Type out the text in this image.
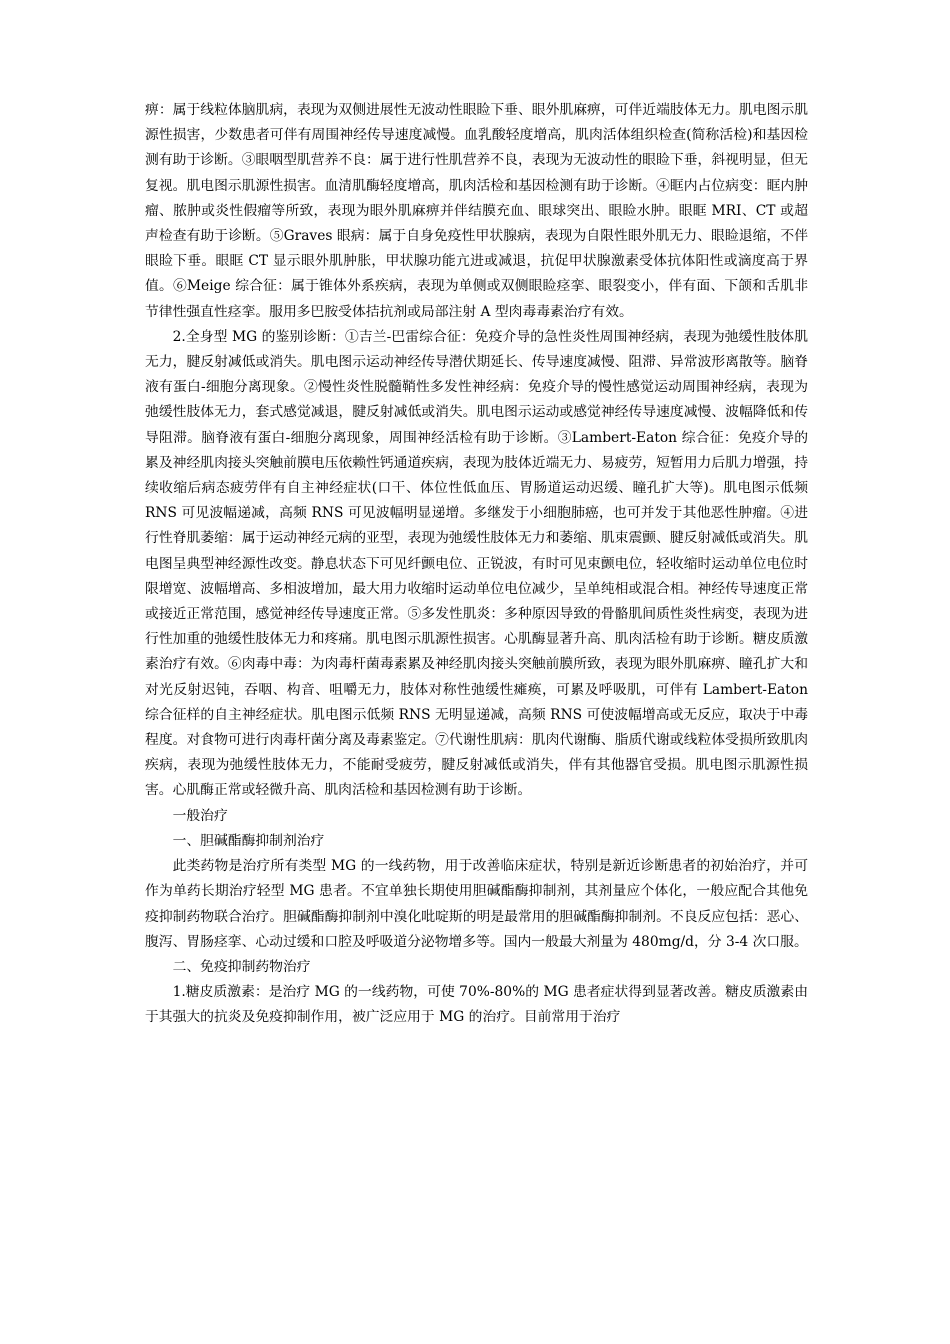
痹：属于线粒体脑肌病，表现为双侧进展性无波动性眼睑下垂、眼外肌麻痹，可伴近端肢体无力。肌电图示肌源性损害，少数患者可伴有周围神经传导速度减慢。血乳酸轻度增高，肌肉活体组织检查(简称活检)和基因检测有助于诊断。③眼咽型肌营养不良：属于进行性肌营养不良，表现为无波动性的眼睑下垂，斜视明显，但无复视。肌电图示肌源性损害。血清肌酶轻度增高，肌肉活检和基因检测有助于诊断。④眶内占位病变：眶内肿瘤、脓肿或炎性假瘤等所致，表现为眼外肌麻痹并伴结膜充血、眼球突出、眼睑水肿。眼眶 MRI、CT 或超声检查有助于诊断。⑤Graves 眼病：属于自身免疫性甲状腺病，表现为自限性眼外肌无力、眼睑退缩，不伴眼睑下垂。眼眶 CT 显示眼外肌肿胀，甲状腺功能亢进或减退，抗促甲状腺激素受体抗体阳性或滴度高于界值。⑥Meige 综合征：属于锥体外系疾病，表现为单侧或双侧眼睑痉挛、眼裂变小，伴有面、下颌和舌肌非节律性强直性痉挛。服用多巴胺受体拮抗剂或局部注射 A 型肉毒毒素治疗有效。

2.全身型 MG 的鉴别诊断：①吉兰-巴雷综合征：免疫介导的急性炎性周围神经病，表现为弛缓性肢体肌无力，腱反射减低或消失。肌电图示运动神经传导潜伏期延长、传导速度减慢、阻滞、异常波形离散等。脑脊液有蛋白-细胞分离现象。②慢性炎性脱髓鞘性多发性神经病：免疫介导的慢性感觉运动周围神经病，表现为弛缓性肢体无力，套式感觉减退，腱反射减低或消失。肌电图示运动或感觉神经传导速度减慢、波幅降低和传导阻滞。脑脊液有蛋白-细胞分离现象，周围神经活检有助于诊断。③Lambert-Eaton 综合征：免疫介导的累及神经肌肉接头突触前膜电压依赖性钙通道疾病，表现为肢体近端无力、易疲劳，短暂用力后肌力增强，持续收缩后病态疲劳伴有自主神经症状(口干、体位性低血压、胃肠道运动迟缓、瞳孔扩大等)。肌电图示低频 RNS 可见波幅递减，高频 RNS 可见波幅明显递增。多继发于小细胞肺癌，也可并发于其他恶性肿瘤。④进行性脊肌萎缩：属于运动神经元病的亚型，表现为弛缓性肢体无力和萎缩、肌束震颤、腱反射减低或消失。肌电图呈典型神经源性改变。静息状态下可见纤颤电位、正锐波，有时可见束颤电位，轻收缩时运动单位电位时限增宽、波幅增高、多相波增加，最大用力收缩时运动单位电位减少，呈单纯相或混合相。神经传导速度正常或接近正常范围，感觉神经传导速度正常。⑤多发性肌炎：多种原因导致的骨骼肌间质性炎性病变，表现为进行性加重的弛缓性肢体无力和疼痛。肌电图示肌源性损害。心肌酶显著升高、肌肉活检有助于诊断。糖皮质激素治疗有效。⑥肉毒中毒：为肉毒杆菌毒素累及神经肌肉接头突触前膜所致，表现为眼外肌麻痹、瞳孔扩大和对光反射迟钝，吞咽、构音、咀嚼无力，肢体对称性弛缓性瘫痪，可累及呼吸肌，可伴有 Lambert-Eaton 综合征样的自主神经症状。肌电图示低频 RNS 无明显递减，高频 RNS 可使波幅增高或无反应，取决于中毒程度。对食物可进行肉毒杆菌分离及毒素鉴定。⑦代谢性肌病：肌肉代谢酶、脂质代谢或线粒体受损所致肌肉疾病，表现为弛缓性肢体无力，不能耐受疲劳，腱反射减低或消失，伴有其他器官受损。肌电图示肌源性损害。心肌酶正常或轻微升高、肌肉活检和基因检测有助于诊断。

一般治疗

一、胆碱酯酶抑制剂治疗

此类药物是治疗所有类型 MG 的一线药物，用于改善临床症状，特别是新近诊断患者的初始治疗，并可作为单药长期治疗轻型 MG 患者。不宜单独长期使用胆碱酯酶抑制剂，其剂量应个体化，一般应配合其他免疫抑制药物联合治疗。胆碱酯酶抑制剂中溴化吡啶斯的明是最常用的胆碱酯酶抑制剂。不良反应包括：恶心、腹泻、胃肠痉挛、心动过缓和口腔及呼吸道分泌物增多等。国内一般最大剂量为 480mg/d，分 3-4 次口服。

二、免疫抑制药物治疗

1.糖皮质激素：是治疗 MG 的一线药物，可使 70%-80%的 MG 患者症状得到显著改善。糖皮质激素由于其强大的抗炎及免疫抑制作用，被广泛应用于 MG 的治疗。目前常用于治疗
